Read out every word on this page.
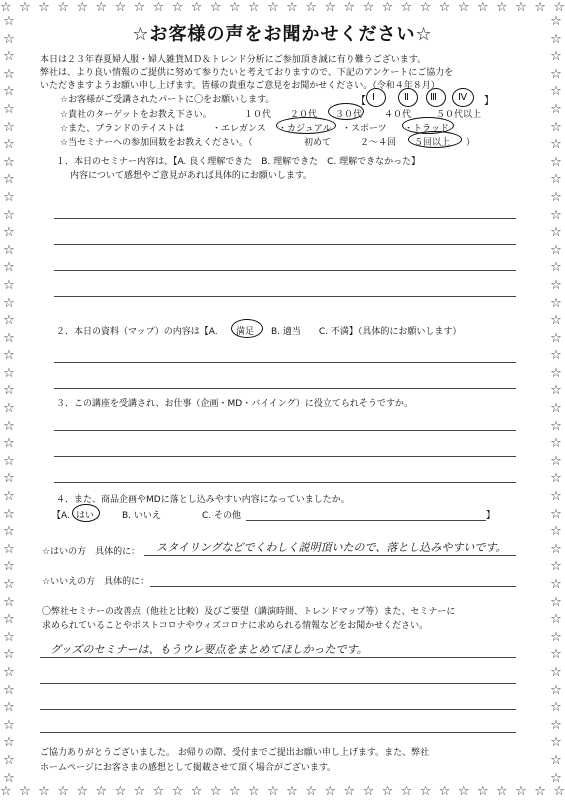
☆ ☆ ☆ ☆ ☆ ☆ ☆ ☆ ☆ ☆ ☆ ☆ ☆ ☆ ☆ ☆ ☆ ☆ ☆ ☆ ☆ ☆ ☆ ☆ ☆ ☆ ☆ ☆ ☆ ☆
☆ ☆ ☆ ☆ ☆ ☆ ☆ ☆ ☆ ☆ ☆ ☆ ☆ ☆ ☆ ☆ ☆ ☆ ☆ ☆ ☆ ☆ ☆ ☆ ☆ ☆ ☆ ☆ ☆ ☆
☆
☆
☆
☆
☆
☆
☆
☆
☆
☆
☆
☆
☆
☆
☆
☆
☆
☆
☆
☆
☆
☆
☆
☆
☆
☆
☆
☆
☆
☆
☆
☆
☆
☆
☆
☆
☆
☆
☆
☆
☆
☆
☆
☆
☆
☆
☆
☆
☆
☆
☆
☆
☆
☆
☆
☆
☆
☆
☆
☆
☆
☆
☆
☆
☆
☆
☆
☆
☆
☆
☆
☆
☆
☆
☆
☆
☆
☆
☆
☆
☆
☆
☆
☆
☆
☆
☆
☆
☆お客様の声をお聞かせください☆
本日は２３年春夏婦人服・婦人雑貨ＭＤ＆トレンド分析にご参加頂き誠に有り難うございます。
弊社は、より良い情報のご提供に努めて参りたいと考えておりますので、下記のアンケートにご協力を
いただきますようお願い申し上げます。皆様の貴重なご意見をお聞かせください。（令和４年８月）
☆お客様がご受講されたパートに〇をお願いします。	【 Ⅰ	Ⅱ Ⅲ Ⅳ 】
☆貴社のターゲットをお教え下さい。	１０代 ２０代 ３０代 ４０代	５０代以上
☆また、ブランドのテイストは	・エレガンス ・カジュアル ・スポーツ ・トラッド
☆当セミナーへの参加回数をお教えください。（	初めて	２～４回 ５回以上 ）
１．本日のセミナー内容は、【A. 良く理解できた　B. 理解できた　C. 理解できなかった】
内容について感想やご意見があれば具体的にお願いします。
２．本日の資料（マップ）の内容は【A. 満足 　B. 適当　　C. 不満】（具体的にお願いします）
３．この講座を受講され、お仕事（企画・MD・バイイング）に役立てられそうですか。
４．また、商品企画やMDに落とし込みやすい内容になっていましたか。
【A. はい	B. いいえ	C. その他	】
☆はいの方　具体的に： スタイリングなどでくわしく説明頂いたので、落とし込みやすいです。
☆いいえの方　具体的に：
〇弊社セミナーの改善点（他社と比較）及びご要望（講演時間、トレンドマップ等）また、セミナーに
求められていることやポストコロナやウィズコロナに求められる情報などをお聞かせください。
グッズのセミナーは、もうウレ要点をまとめてほしかったです。
ご協力ありがとうございました。 お帰りの際、受付までご提出お願い申し上げます。また、弊社
ホームページにお客さまの感想として掲載させて頂く場合がございます。
